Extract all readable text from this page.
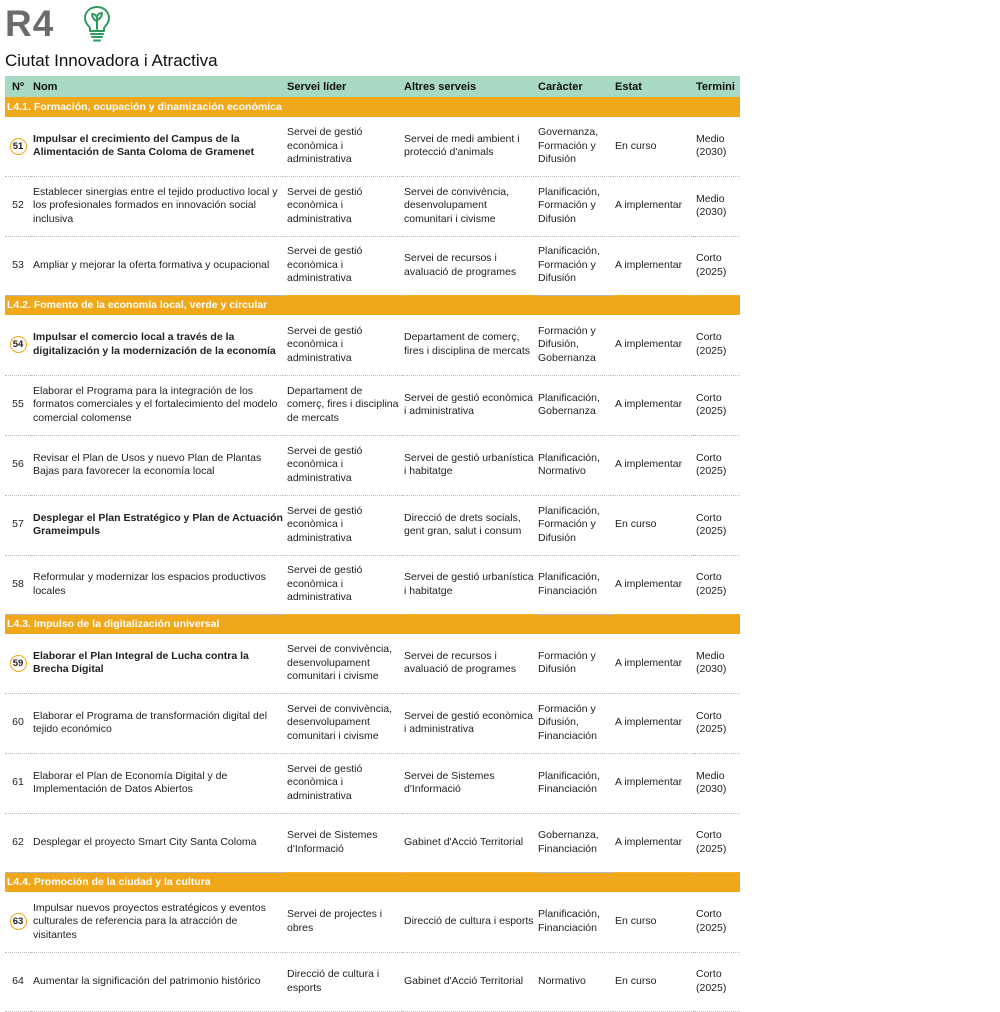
R4
Ciutat Innovadora i Atractiva
Nº	Nom	Servei líder	Altres serveis	Caràcter	Estat	Termini
L4.1. Formación, ocupación y dinamización económica						
51	Impulsar el crecimiento del Campus de la Alimentación de Santa Coloma de Gramenet	Servei de gestió econòmica i administrativa	Servei de medi ambient i protecció d'animals	Governanza, Formación y Difusión	En curso	Medio (2030)
52	Establecer sinergias entre el tejido productivo local y los profesionales formados en innovación social inclusiva	Servei de gestió econòmica i administrativa	Servei de convivència, desenvolupament comunitari i civisme	Planificación, Formación y Difusión	A implementar	Medio (2030)
53	Ampliar y mejorar la oferta formativa y ocupacional	Servei de gestió econòmica i administrativa	Servei de recursos i avaluació de programes	Planificación, Formación y Difusión	A implementar	Corto (2025)
L4.2. Fomento de la economía local, verde y circular						
54	Impulsar el comercio local a través de la digitalización y la modernización de la economía	Servei de gestió econòmica i administrativa	Departament de comerç, fires i disciplina de mercats	Formación y Difusión, Gobernanza	A implementar	Corto (2025)
55	Elaborar el Programa para la integración de los formatos comerciales y el fortalecimiento del modelo comercial colomense	Departament de comerç, fires i disciplina de mercats	Servei de gestió econòmica i administrativa	Planificación, Gobernanza	A implementar	Corto (2025)
56	Revisar el Plan de Usos y nuevo Plan de Plantas Bajas para favorecer la economía local	Servei de gestió econòmica i administrativa	Servei de gestió urbanística i habitatge	Planificación, Normativo	A implementar	Corto (2025)
57	Desplegar el Plan Estratégico y Plan de Actuación Grameimpuls	Servei de gestió econòmica i administrativa	Direcció de drets socials, gent gran, salut i consum	Planificación, Formación y Difusión	En curso	Corto (2025)
58	Reformular y modernizar los espacios productivos locales	Servei de gestió econòmica i administrativa	Servei de gestió urbanística i habitatge	Planificación, Financiación	A implementar	Corto (2025)
L4.3. Impulso de la digitalización universal						
59	Elaborar el Plan Integral de Lucha contra la Brecha Digital	Servei de convivència, desenvolupament comunitari i civisme	Servei de recursos i avaluació de programes	Formación y Difusión	A implementar	Medio (2030)
60	Elaborar el Programa de transformación digital del tejido económico	Servei de convivència, desenvolupament comunitari i civisme	Servei de gestió econòmica i administrativa	Formación y Difusión, Financiación	A implementar	Corto (2025)
61	Elaborar el Plan de Economía Digital y de Implementación de Datos Abiertos	Servei de gestió econòmica i administrativa	Servei de Sistemes d'Informació	Planificación, Financiación	A implementar	Medio (2030)
62	Desplegar el proyecto Smart City Santa Coloma	Servei de Sistemes d'Informació	Gabinet d'Acció Territorial	Gobernanza, Financiación	A implementar	Corto (2025)
L4.4. Promoción de la ciudad y la cultura						
63	Impulsar nuevos proyectos estratégicos y eventos culturales de referencia para la atracción de visitantes	Servei de projectes i obres	Direcció de cultura i esports	Planificación, Financiación	En curso	Corto (2025)
64	Aumentar la significación del patrimonio histórico	Direcció de cultura i esports	Gabinet d'Acció Territorial	Normativo	En curso	Corto (2025)
